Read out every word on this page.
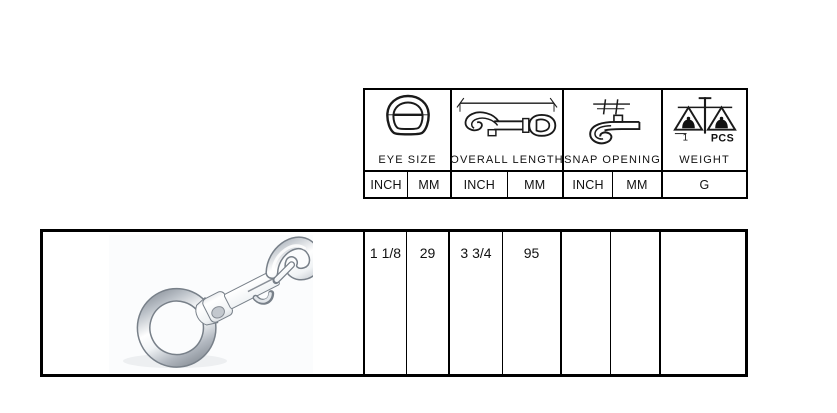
EYE SIZE
INCH	MM
OVERALL LENGTH
INCH	MM
SNAP OPENING
INCH	MM
1 PCS
WEIGHT
G
1 1/8	29	3 3/4	95
